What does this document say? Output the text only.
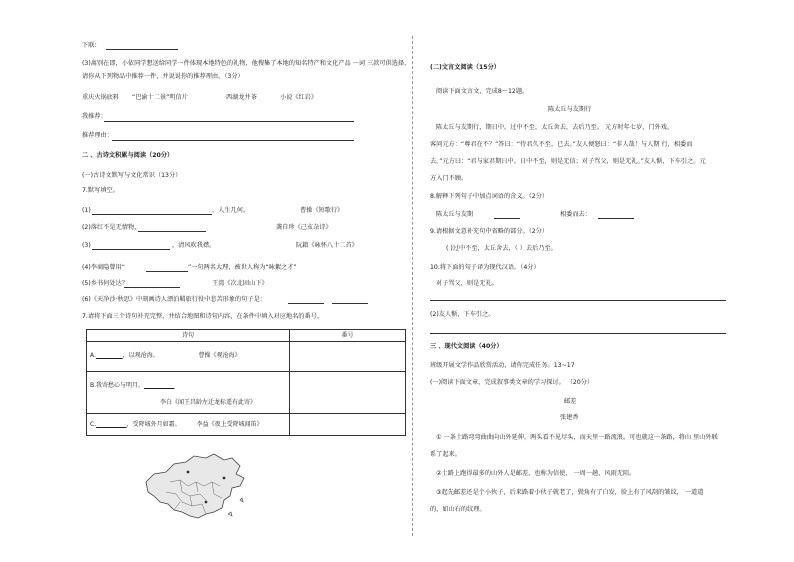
下联：
(3)离别在即，小依同学想送给同学一件体现本地特色的礼物，他搜集了本地的知名特产和文化产品 一词 三款可供选择，
请你从下列物品中推荐一件，并说说你的推荐理由。（3分）
重庆火锅底料 “巴渝十二景”明信片	西湖龙井茶	小说《红岩》
我推荐：
推荐理由：
二 、古诗文积累与阅读（20分）
(一)古诗文默写与文化常识（13分）
7.默写填空。
(1)	，人生几何。	曹操《短歌行》
(2)落红不是无情物，	龚自珍《己亥杂诗》
(3)	，清风吹我襟。	阮籍《咏怀八十二首》
(4)李商隐曾用“	”一句两名大理，被世人称为“咏絮之才”
(5)乡书何处达？	王湾《次北固山下》
(6)《天净沙·秋思》中刻画诗人漂泊羁旅行役中悲苦形象的句子是：
7.请将下面三个诗句补充完整，并结合地图和诗句内容，在条件中填入对应地名的番号。
诗句	番号

A. ，以观沧海。 曹操《观沧海》	

B.我寄愁心与明月，
李白《闻王昌龄左迁龙标遥有此寄》	

C. ，受降城外月如霜。 李益《夜上受降城闻笛》	

(二)文言文阅读（15分）
阅读下面文言文，完成8～12题。
陈太丘与友期行
陈太丘与友期行，期日中。过中不至，太丘舍去，去后乃至。 元方时年七岁，门外戏。
客问元方：“尊君在不？”答曰：“待君久不至，已去。”友人便怒曰：“非人哉！与人期 行，相委而
去。”元方曰：“君与家君期日中。日中不至，则是无信；对子骂父，则是无礼。”友人惭，下车引之。元
方入门不顾。
8.解释下列句子中加点词语的含义。（2分）
陈太丘与友期	相委而去：
9.请根据文意补充句中省略的部分。（2分）
( )过中不至，太丘舍去，（ ）去后乃至。
10.将下面的句子译为现代汉语。（4分）
对子骂父，则是无礼。
(2)友人惭，下车引之。
三 、现代文阅读（40分）
班级开展文学作品欣赏活动，请你完成任务。13~17
(一)阅读下面文章，完成叙事类文章的学习探讨。 （20分）
邮差
张建香
① 一条土路弯弯曲曲向山外延伸，两头看不见尽头，而天里一路流浪。可也就这一条路，将山 里山外联
系了起来。
②土路上跑得最多的山外人是邮差，也称为信使， 一周一趟，风雨无阻。
③起先邮差还是个小伙子，后来路着小伙子就老了，鬓角有了白发，脸上有了风刮的皱纹， 一道道
的，如山石的纹理。
